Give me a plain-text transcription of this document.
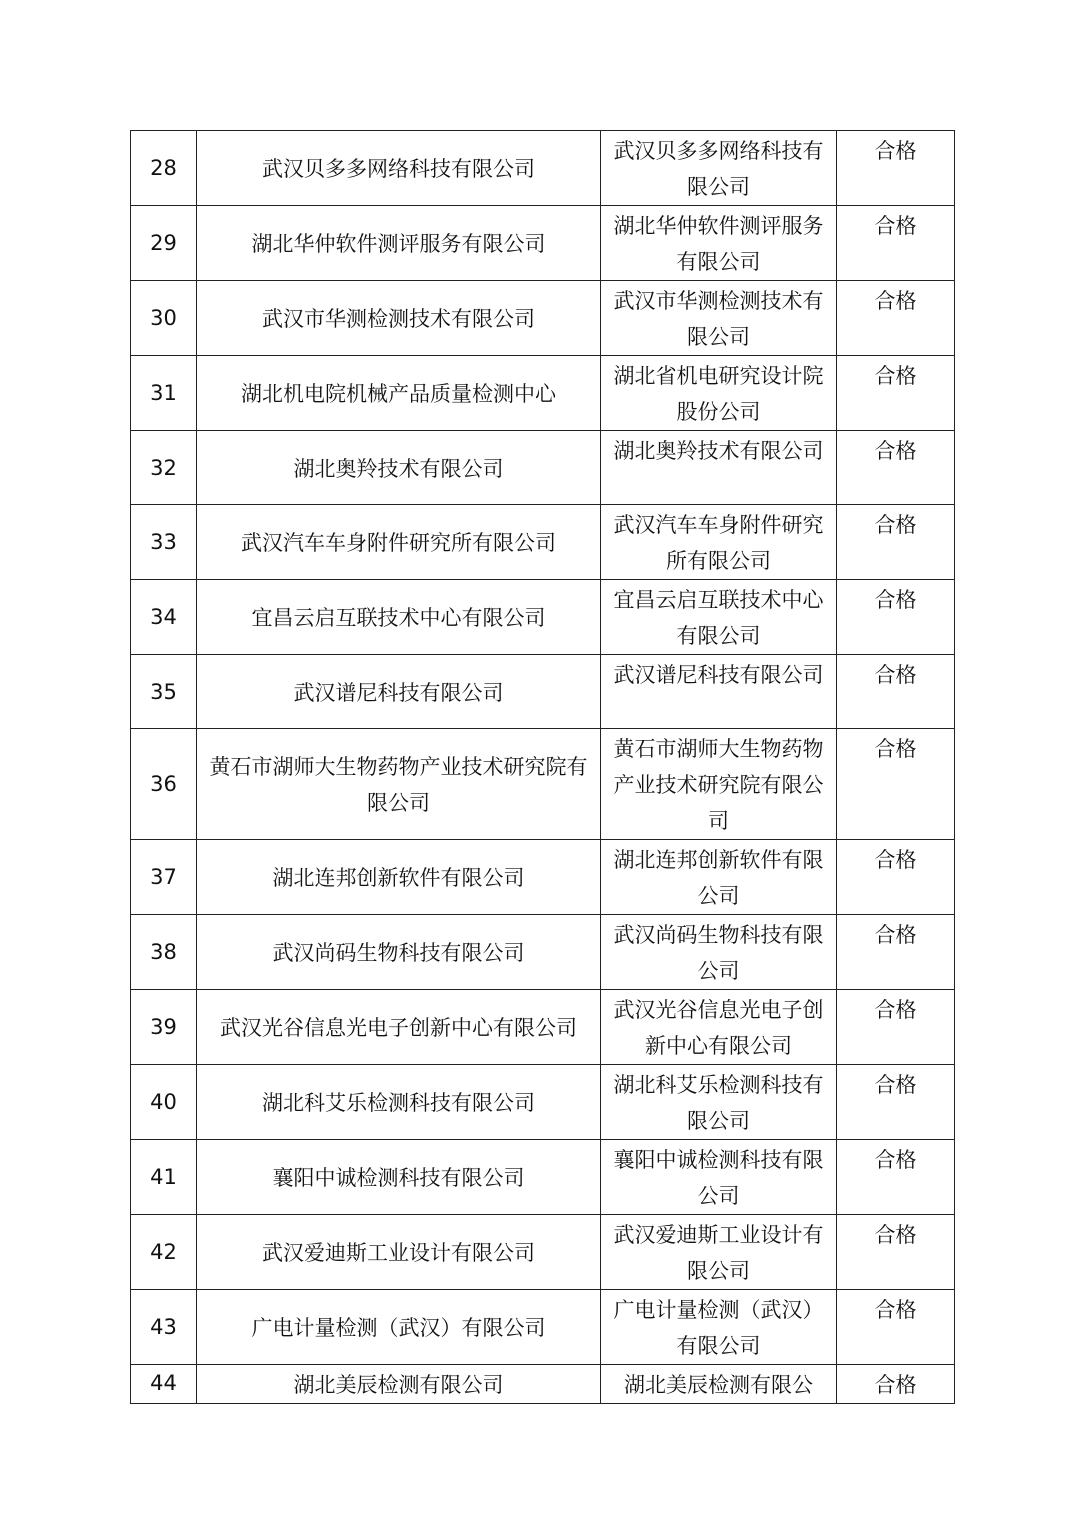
28	武汉贝多多网络科技有限公司	武汉贝多多网络科技有限公司	合格

29	湖北华仲软件测评服务有限公司	湖北华仲软件测评服务有限公司	合格

30	武汉市华测检测技术有限公司	武汉市华测检测技术有限公司	合格

31	湖北机电院机械产品质量检测中心	湖北省机电研究设计院股份公司	合格

32	湖北奥羚技术有限公司	湖北奥羚技术有限公司	合格

33	武汉汽车车身附件研究所有限公司	武汉汽车车身附件研究所有限公司	合格

34	宜昌云启互联技术中心有限公司	宜昌云启互联技术中心有限公司	合格

35	武汉谱尼科技有限公司	武汉谱尼科技有限公司	合格

36	黄石市湖师大生物药物产业技术研究院有限公司	黄石市湖师大生物药物产业技术研究院有限公司	合格

37	湖北连邦创新软件有限公司	湖北连邦创新软件有限公司	合格

38	武汉尚码生物科技有限公司	武汉尚码生物科技有限公司	合格

39	武汉光谷信息光电子创新中心有限公司	武汉光谷信息光电子创新中心有限公司	合格

40	湖北科艾乐检测科技有限公司	湖北科艾乐检测科技有限公司	合格

41	襄阳中诚检测科技有限公司	襄阳中诚检测科技有限公司	合格

42	武汉爱迪斯工业设计有限公司	武汉爱迪斯工业设计有限公司	合格

43	广电计量检测（武汉）有限公司	广电计量检测（武汉）有限公司	合格

44	湖北美辰检测有限公司	湖北美辰检测有限公	合格
